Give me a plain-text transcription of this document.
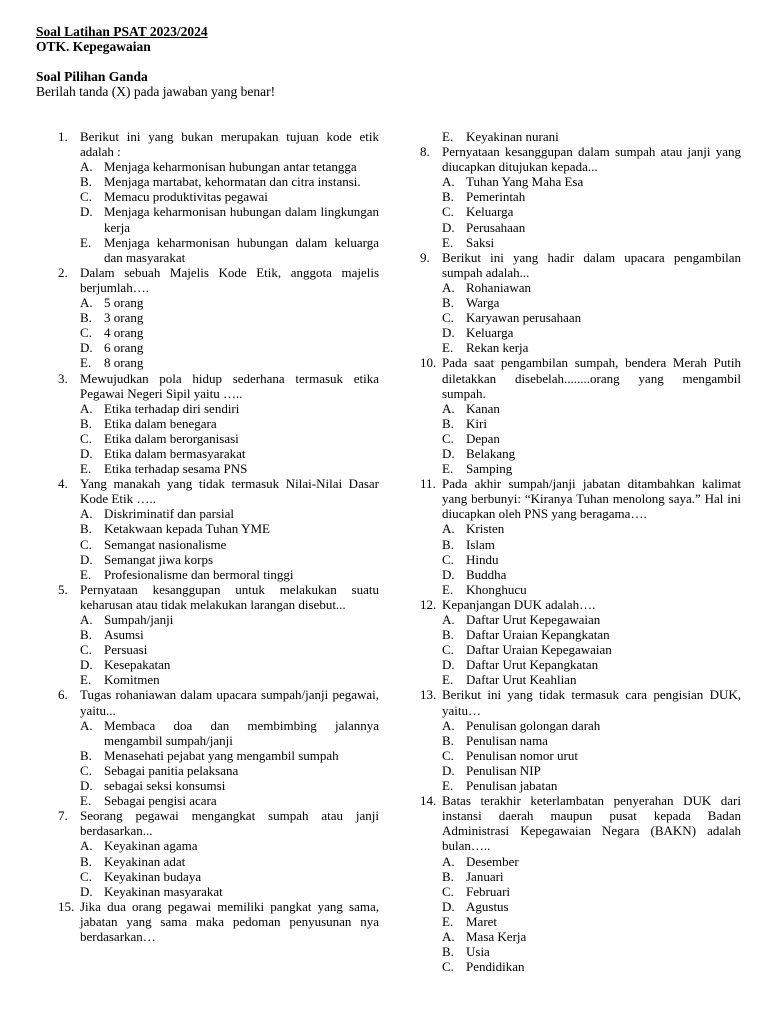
Soal Latihan PSAT 2023/2024
OTK. Kepegawaian
Soal Pilihan Ganda
Berilah tanda (X) pada jawaban yang benar!
1. Berikut ini yang bukan merupakan tujuan kode etik adalah :
A. Menjaga keharmonisan hubungan antar tetangga
B. Menjaga martabat, kehormatan dan citra instansi.
C. Memacu produktivitas pegawai
D. Menjaga keharmonisan hubungan dalam lingkungan kerja
E. Menjaga keharmonisan hubungan dalam keluarga dan masyarakat
2. Dalam sebuah Majelis Kode Etik, anggota majelis berjumlah….
A. 5 orang
B. 3 orang
C. 4 orang
D. 6 orang
E. 8 orang
3. Mewujudkan pola hidup sederhana termasuk etika Pegawai Negeri Sipil yaitu …..
A. Etika terhadap diri sendiri
B. Etika dalam benegara
C. Etika dalam berorganisasi
D. Etika dalam bermasyarakat
E. Etika terhadap sesama PNS
4. Yang manakah yang tidak termasuk Nilai-Nilai Dasar Kode Etik …..
A. Diskriminatif dan parsial
B. Ketakwaan kepada Tuhan YME
C. Semangat nasionalisme
D. Semangat jiwa korps
E. Profesionalisme dan bermoral tinggi
5. Pernyataan kesanggupan untuk melakukan suatu keharusan atau tidak melakukan larangan disebut...
A. Sumpah/janji
B. Asumsi
C. Persuasi
D. Kesepakatan
E. Komitmen
6. Tugas rohaniawan dalam upacara sumpah/janji pegawai, yaitu...
A. Membaca doa dan membimbing jalannya mengambil sumpah/janji
B. Menasehati pejabat yang mengambil sumpah
C. Sebagai panitia pelaksana
D. sebagai seksi konsumsi
E. Sebagai pengisi acara
7. Seorang pegawai mengangkat sumpah atau janji berdasarkan...
A. Keyakinan agama
B. Keyakinan adat
C. Keyakinan budaya
D. Keyakinan masyarakat
15. Jika dua orang pegawai memiliki pangkat yang sama, jabatan yang sama maka pedoman penyusunan nya berdasarkan…
E. Keyakinan nurani
8. Pernyataan kesanggupan dalam sumpah atau janji yang diucapkan ditujukan kepada...
A. Tuhan Yang Maha Esa
B. Pemerintah
C. Keluarga
D. Perusahaan
E. Saksi
9. Berikut ini yang hadir dalam upacara pengambilan sumpah adalah...
A. Rohaniawan
B. Warga
C. Karyawan perusahaan
D. Keluarga
E. Rekan kerja
10. Pada saat pengambilan sumpah, bendera Merah Putih diletakkan disebelah........orang yang mengambil sumpah.
A. Kanan
B. Kiri
C. Depan
D. Belakang
E. Samping
11. Pada akhir sumpah/janji jabatan ditambahkan kalimat yang berbunyi: “Kiranya Tuhan menolong saya.” Hal ini diucapkan oleh PNS yang beragama….
A. Kristen
B. Islam
C. Hindu
D. Buddha
E. Khonghucu
12. Kepanjangan DUK adalah….
A. Daftar Urut Kepegawaian
B. Daftar Uraian Kepangkatan
C. Daftar Uraian Kepegawaian
D. Daftar Urut Kepangkatan
E. Daftar Urut Keahlian
13. Berikut ini yang tidak termasuk cara pengisian DUK, yaitu…
A. Penulisan golongan darah
B. Penulisan nama
C. Penulisan nomor urut
D. Penulisan NIP
E. Penulisan jabatan
14. Batas terakhir keterlambatan penyerahan DUK dari instansi daerah maupun pusat kepada Badan Administrasi Kepegawaian Negara (BAKN) adalah bulan…..
A. Desember
B. Januari
C. Februari
D. Agustus
E. Maret
A. Masa Kerja
B. Usia
C. Pendidikan
